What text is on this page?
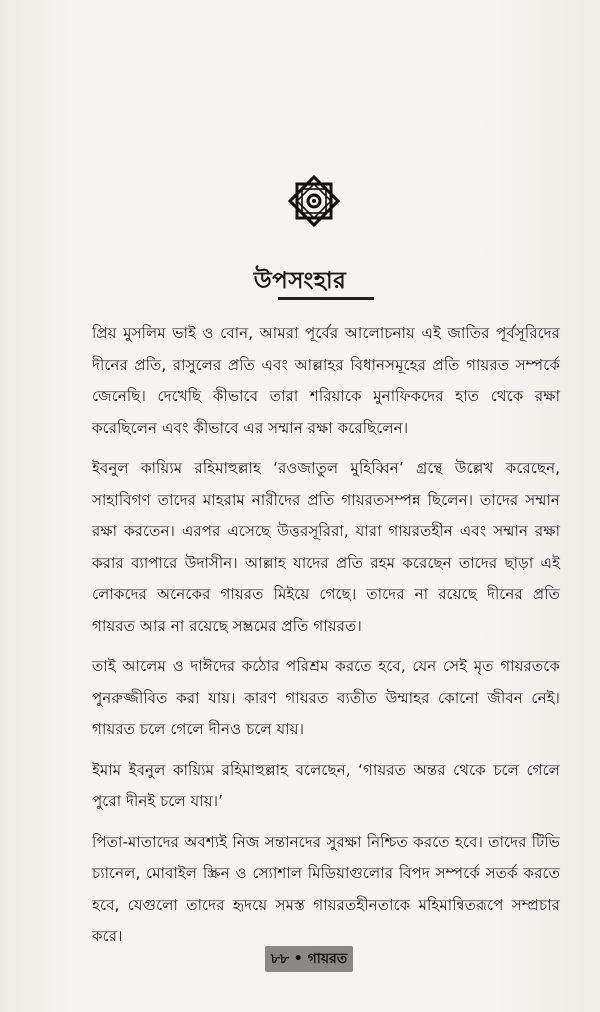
উপসংহার

প্রিয় মুসলিম ভাই ও বোন, আমরা পূর্বের আলোচনায় এই জাতির পূর্বসূরিদের দীনের প্রতি, রাসুলের প্রতি এবং আল্লাহর বিধানসমূহের প্রতি গায়রত সম্পর্কে জেনেছি। দেখেছি কীভাবে তারা শরিয়াকে মুনাফিকদের হাত থেকে রক্ষা করেছিলেন এবং কীভাবে এর সম্মান রক্ষা করেছিলেন।

ইবনুল কায়্যিম রহিমাহুল্লাহ ‘রওজাতুল মুহিব্বিন’ গ্রন্থে উল্লেখ করেছেন, সাহাবিগণ তাদের মাহরাম নারীদের প্রতি গায়রতসম্পন্ন ছিলেন। তাদের সম্মান রক্ষা করতেন। এরপর এসেছে উত্তরসূরিরা, যারা গায়রতহীন এবং সম্মান রক্ষা করার ব্যাপারে উদাসীন। আল্লাহ যাদের প্রতি রহম করেছেন তাদের ছাড়া এই লোকদের অনেকের গায়রত মিইয়ে গেছে। তাদের না রয়েছে দীনের প্রতি গায়রত আর না রয়েছে সম্ভ্রমের প্রতি গায়রত।

তাই আলেম ও দাঈদের কঠোর পরিশ্রম করতে হবে, যেন সেই মৃত গায়রতকে পুনরুজ্জীবিত করা যায়। কারণ গায়রত ব্যতীত উম্মাহর কোনো জীবন নেই। গায়রত চলে গেলে দীনও চলে যায়।

ইমাম ইবনুল কায়্যিম রহিমাহুল্লাহ বলেছেন, ‘গায়রত অন্তর থেকে চলে গেলে পুরো দীনই চলে যায়।’

পিতা-মাতাদের অবশ্যই নিজ সন্তানদের সুরক্ষা নিশ্চিত করতে হবে। তাদের টিভি চ্যানেল, মোবাইল স্ক্রিন ও স্যোশাল মিডিয়াগুলোর বিপদ সম্পর্কে সতর্ক করতে হবে, যেগুলো তাদের হৃদয়ে সমস্ত গায়রতহীনতাকে মহিমান্বিতরূপে সম্প্রচার করে।

৮৮ • গায়রত
